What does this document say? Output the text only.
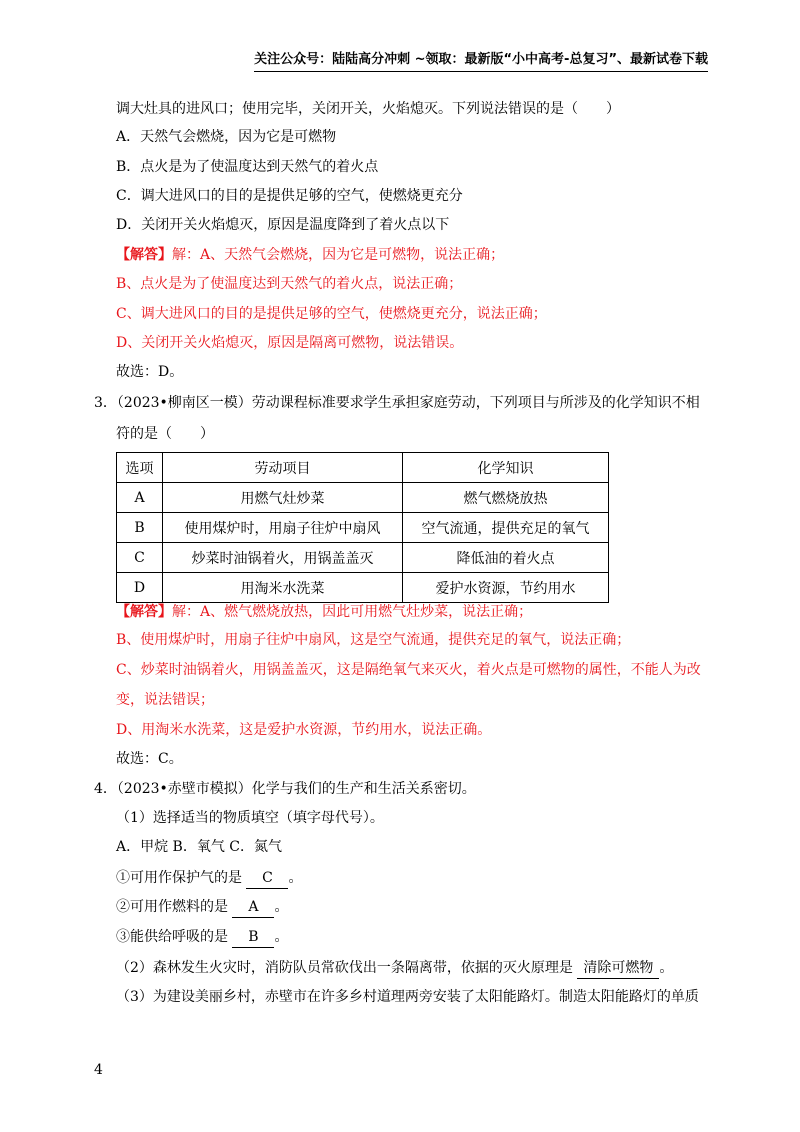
关注公众号：陆陆高分冲刺 ~领取：最新版“小中高考-总复习”、最新试卷下载
调大灶具的进风口；使用完毕，关闭开关，火焰熄灭。下列说法错误的是（　　）
A．天然气会燃烧，因为它是可燃物
B．点火是为了使温度达到天然气的着火点
C．调大进风口的目的是提供足够的空气，使燃烧更充分
D．关闭开关火焰熄灭，原因是温度降到了着火点以下
【解答】解：A、天然气会燃烧，因为它是可燃物，说法正确；
B、点火是为了使温度达到天然气的着火点，说法正确；
C、调大进风口的目的是提供足够的空气，使燃烧更充分，说法正确；
D、关闭开关火焰熄灭，原因是隔离可燃物，说法错误。
故选：D。
3．（2023•柳南区一模）劳动课程标准要求学生承担家庭劳动，下列项目与所涉及的化学知识不相
符的是（　　）
选项	劳动项目	化学知识
A	用燃气灶炒菜	燃气燃烧放热
B	使用煤炉时，用扇子往炉中扇风	空气流通，提供充足的氧气
C	炒菜时油锅着火，用锅盖盖灭	降低油的着火点
D	用淘米水洗菜	爱护水资源，节约用水
【解答】解：A、燃气燃烧放热，因此可用燃气灶炒菜，说法正确；
B、使用煤炉时，用扇子往炉中扇风，这是空气流通，提供充足的氧气，说法正确；
C、炒菜时油锅着火，用锅盖盖灭，这是隔绝氧气来灭火，着火点是可燃物的属性，不能人为改
变，说法错误；
D、用淘米水洗菜，这是爱护水资源，节约用水，说法正确。
故选：C。
4．（2023•赤壁市模拟）化学与我们的生产和生活关系密切。
（1）选择适当的物质填空（填字母代号）。
A．甲烷 B．氧气 C．氮气
①可用作保护气的是 C 。
②可用作燃料的是 A 。
③能供给呼吸的是 B 。
（2）森林发生火灾时，消防队员常砍伐出一条隔离带，依据的灭火原理是 清除可燃物 。
（3）为建设美丽乡村，赤壁市在许多乡村道理两旁安装了太阳能路灯。制造太阳能路灯的单质
4
